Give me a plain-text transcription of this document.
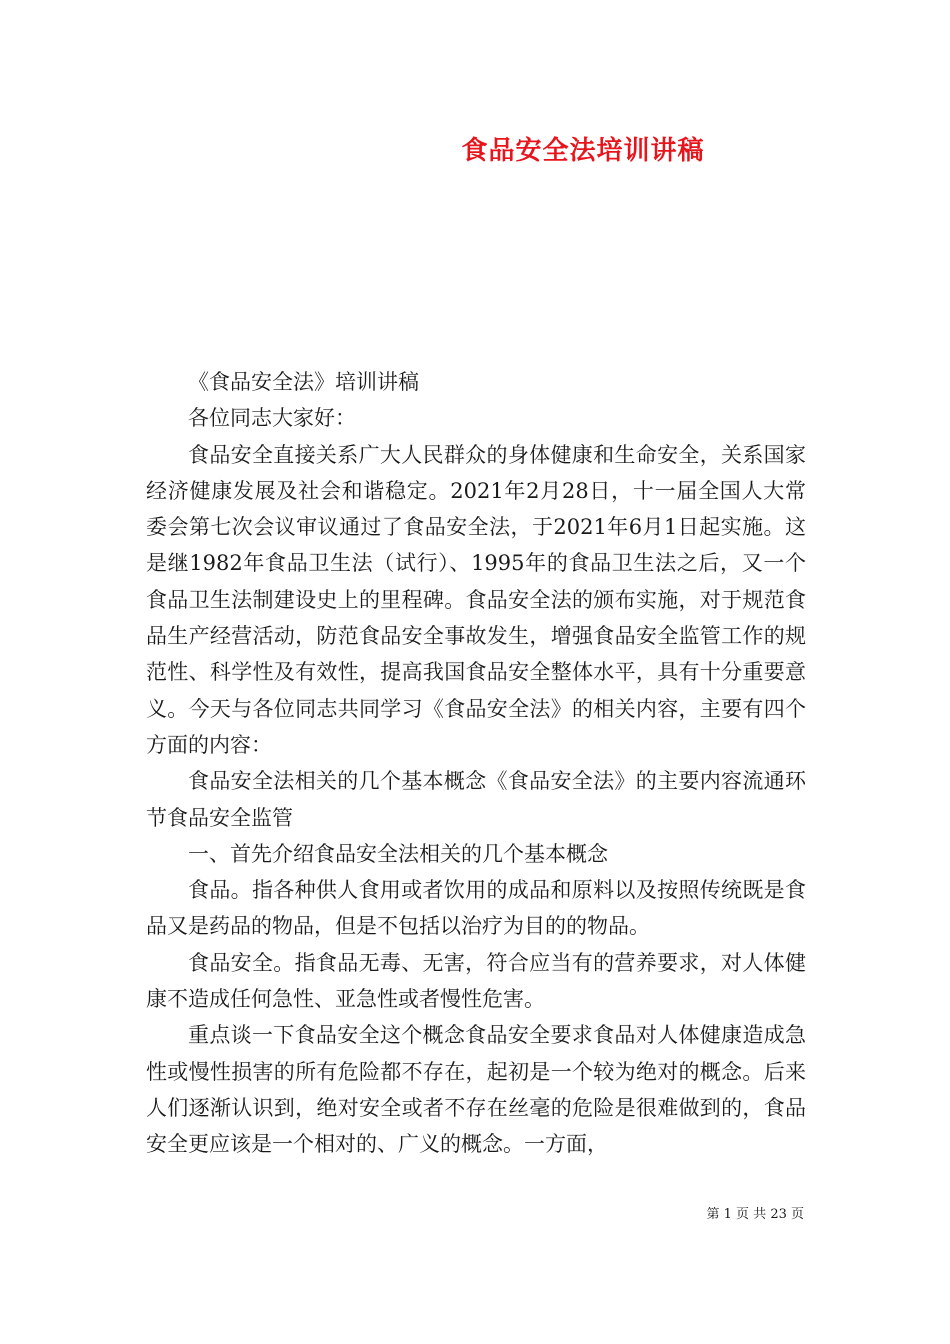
食品安全法培训讲稿

《食品安全法》培训讲稿

各位同志大家好：

食品安全直接关系广大人民群众的身体健康和生命安全，关系国家经济健康发展及社会和谐稳定。2021年2月28日，十一届全国人大常委会第七次会议审议通过了食品安全法，于2021年6月1日起实施。这是继1982年食品卫生法（试行）、1995年的食品卫生法之后，又一个食品卫生法制建设史上的里程碑。食品安全法的颁布实施，对于规范食品生产经营活动，防范食品安全事故发生，增强食品安全监管工作的规范性、科学性及有效性，提高我国食品安全整体水平，具有十分重要意义。今天与各位同志共同学习《食品安全法》的相关内容，主要有四个方面的内容：

食品安全法相关的几个基本概念《食品安全法》的主要内容流通环节食品安全监管

一、首先介绍食品安全法相关的几个基本概念

食品。指各种供人食用或者饮用的成品和原料以及按照传统既是食品又是药品的物品，但是不包括以治疗为目的的物品。

食品安全。指食品无毒、无害，符合应当有的营养要求，对人体健康不造成任何急性、亚急性或者慢性危害。

重点谈一下食品安全这个概念食品安全要求食品对人体健康造成急性或慢性损害的所有危险都不存在，起初是一个较为绝对的概念。后来人们逐渐认识到，绝对安全或者不存在丝毫的危险是很难做到的，食品安全更应该是一个相对的、广义的概念。一方面，

第 1 页 共 23 页
